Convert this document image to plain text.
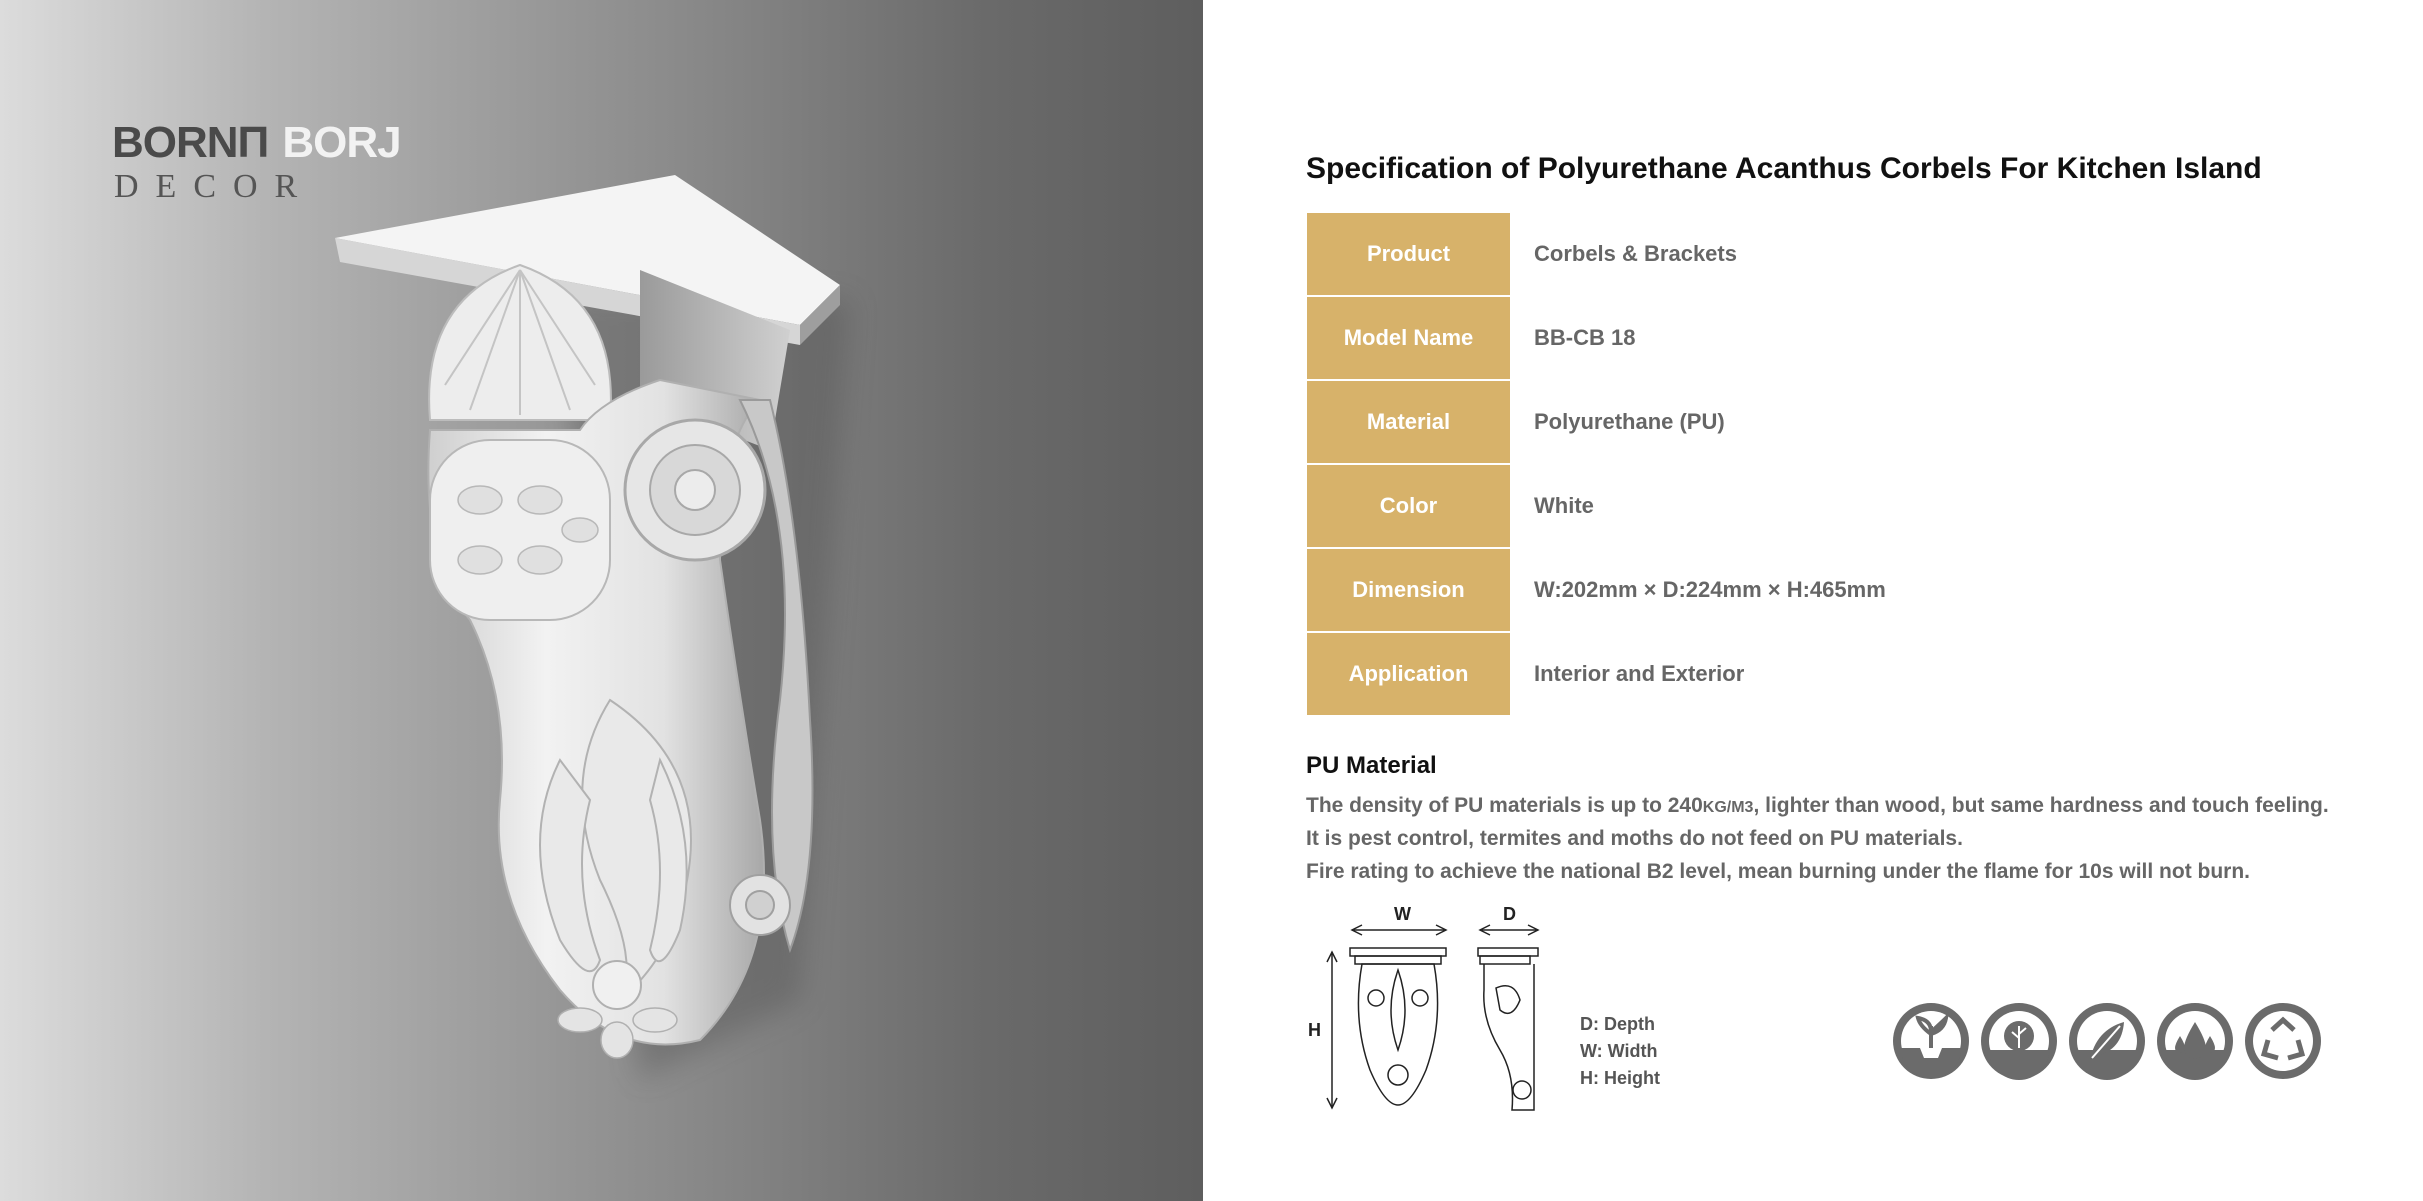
BORNΠ BORJ
DECOR	Specification of Polyurethane Acanthus Corbels For Kitchen Island
Product	Corbels & Brackets
Model Name	BB-CB 18
Material	Polyurethane (PU)
Color	White
Dimension	W:202mm × D:224mm × H:465mm
Application	Interior and Exterior
PU Material
The density of PU materials is up to 240KG/M3, lighter than wood, but same hardness and touch feeling.
It is pest control, termites and moths do not feed on PU materials.
Fire rating to achieve the national B2 level, mean burning under the flame for 10s will not burn.
W	D
H	D: Depth
W: Width
H: Height
